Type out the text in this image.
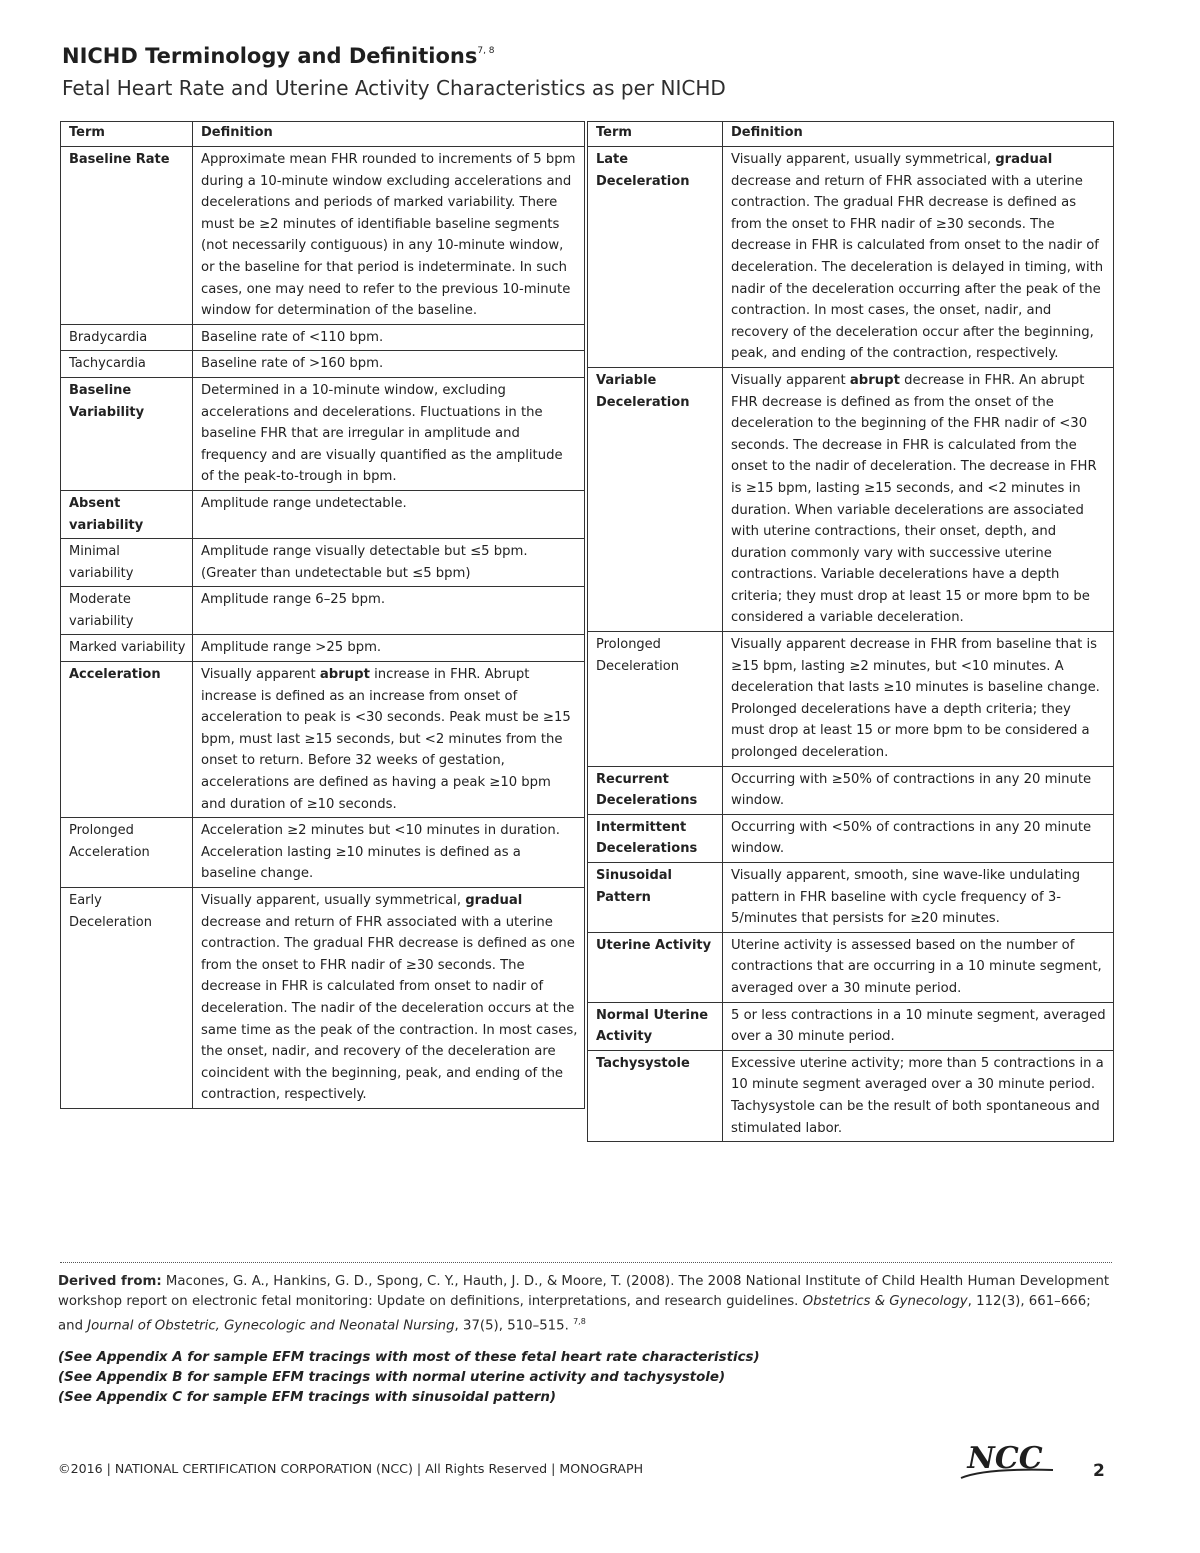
NICHD Terminology and Definitions$^{7, 8}$
Fetal Heart Rate and Uterine Activity Characteristics as per NICHD
Term	Definition
Baseline Rate	Approximate mean FHR rounded to increments of 5 bpm during a 10-minute window excluding accelerations and decelerations and periods of marked variability. There must be ≥2 minutes of identifiable baseline segments (not necessarily contiguous) in any 10-minute window, or the baseline for that period is indeterminate. In such cases, one may need to refer to the previous 10-minute window for determination of the baseline.
Bradycardia	Baseline rate of <110 bpm.
Tachycardia	Baseline rate of >160 bpm.
Baseline Variability	Determined in a 10-minute window, excluding accelerations and decelerations. Fluctuations in the baseline FHR that are irregular in amplitude and frequency and are visually quantified as the amplitude of the peak-to-trough in bpm.
Absent variability	Amplitude range undetectable.
Minimal variability	Amplitude range visually detectable but ≤5 bpm. (Greater than undetectable but ≤5 bpm)
Moderate variability	Amplitude range 6–25 bpm.
Marked variability	Amplitude range >25 bpm.
Acceleration	Visually apparent abrupt increase in FHR. Abrupt increase is defined as an increase from onset of acceleration to peak is <30 seconds. Peak must be ≥15 bpm, must last ≥15 seconds, but <2 minutes from the onset to return. Before 32 weeks of gestation, accelerations are defined as having a peak ≥10 bpm and duration of ≥10 seconds.
Prolonged Acceleration	Acceleration ≥2 minutes but <10 minutes in duration. Acceleration lasting ≥10 minutes is defined as a baseline change.
Early Deceleration	Visually apparent, usually symmetrical, gradual decrease and return of FHR associated with a uterine contraction. The gradual FHR decrease is defined as one from the onset to FHR nadir of ≥30 seconds. The decrease in FHR is calculated from onset to nadir of deceleration. The nadir of the deceleration occurs at the same time as the peak of the contraction. In most cases, the onset, nadir, and recovery of the deceleration are coincident with the beginning, peak, and ending of the contraction, respectively.
Term	Definition
Late Deceleration	Visually apparent, usually symmetrical, gradual decrease and return of FHR associated with a uterine contraction. The gradual FHR decrease is defined as from the onset to FHR nadir of ≥30 seconds. The decrease in FHR is calculated from onset to the nadir of deceleration. The deceleration is delayed in timing, with nadir of the deceleration occurring after the peak of the contraction. In most cases, the onset, nadir, and recovery of the deceleration occur after the beginning, peak, and ending of the contraction, respectively.
Variable Deceleration	Visually apparent abrupt decrease in FHR. An abrupt FHR decrease is defined as from the onset of the deceleration to the beginning of the FHR nadir of <30 seconds. The decrease in FHR is calculated from the onset to the nadir of deceleration. The decrease in FHR is ≥15 bpm, lasting ≥15 seconds, and <2 minutes in duration. When variable decelerations are associated with uterine contractions, their onset, depth, and duration commonly vary with successive uterine contractions. Variable decelerations have a depth criteria; they must drop at least 15 or more bpm to be considered a variable deceleration.
Prolonged Deceleration	Visually apparent decrease in FHR from baseline that is ≥15 bpm, lasting ≥2 minutes, but <10 minutes. A deceleration that lasts ≥10 minutes is baseline change. Prolonged decelerations have a depth criteria; they must drop at least 15 or more bpm to be considered a prolonged deceleration.
Recurrent Decelerations	Occurring with ≥50% of contractions in any 20 minute window.
Intermittent Decelerations	Occurring with <50% of contractions in any 20 minute window.
Sinusoidal Pattern	Visually apparent, smooth, sine wave-like undulating pattern in FHR baseline with cycle frequency of 3-5/minutes that persists for ≥20 minutes.
Uterine Activity	Uterine activity is assessed based on the number of contractions that are occurring in a 10 minute segment, averaged over a 30 minute period.
Normal Uterine Activity	5 or less contractions in a 10 minute segment, averaged over a 30 minute period.
Tachysystole	Excessive uterine activity; more than 5 contractions in a 10 minute segment averaged over a 30 minute period. Tachysystole can be the result of both spontaneous and stimulated labor.
Derived from: Macones, G. A., Hankins, G. D., Spong, C. Y., Hauth, J. D., & Moore, T. (2008). The 2008 National Institute of Child Health Human Development workshop report on electronic fetal monitoring: Update on definitions, interpretations, and research guidelines. Obstetrics & Gynecology, 112(3), 661–666; and Journal of Obstetric, Gynecologic and Neonatal Nursing, 37(5), 510–515. $^{7,8}$
(See Appendix A for sample EFM tracings with most of these fetal heart rate characteristics)
(See Appendix B for sample EFM tracings with normal uterine activity and tachysystole)
(See Appendix C for sample EFM tracings with sinusoidal pattern)
©2016 | NATIONAL CERTIFICATION CORPORATION (NCC) | All Rights Reserved | MONOGRAPH	NCC	2
